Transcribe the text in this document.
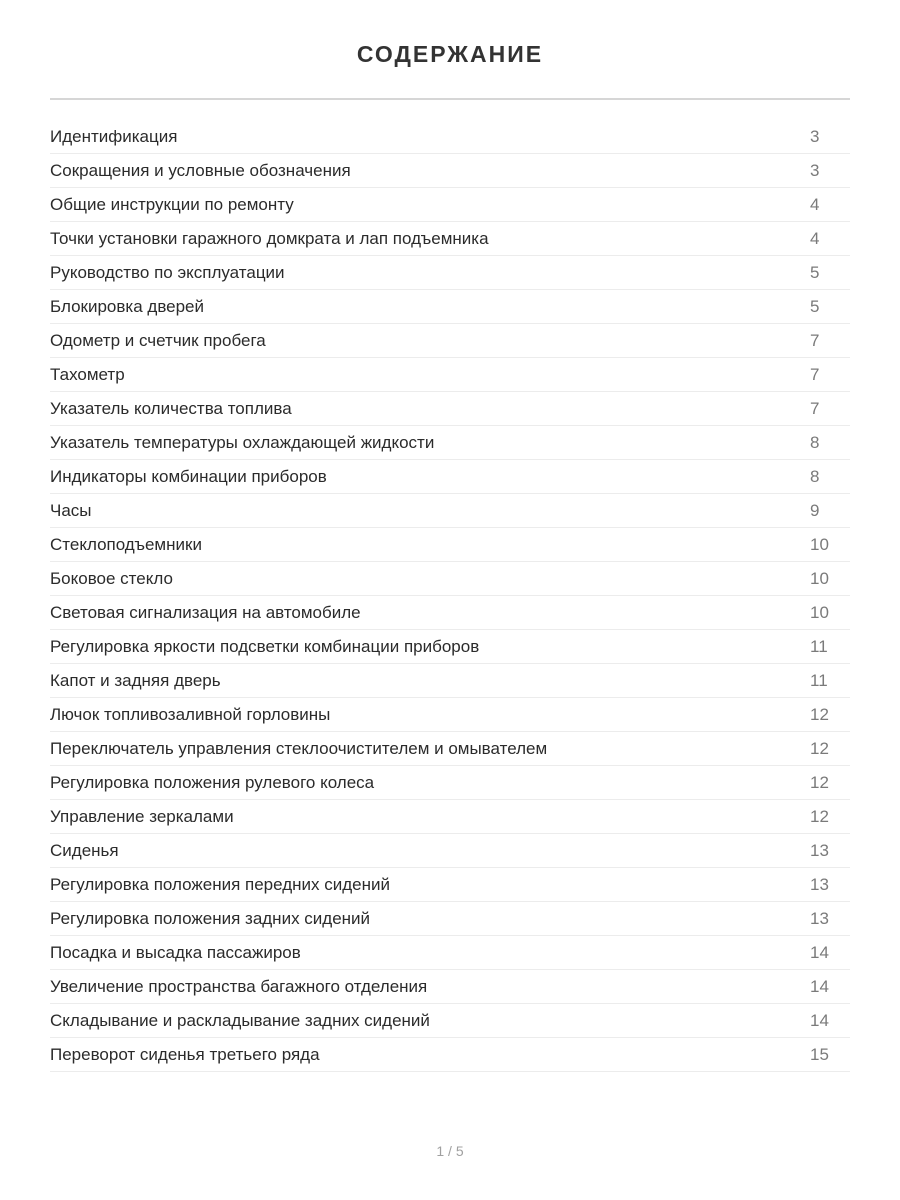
СОДЕРЖАНИЕ
Идентификация	3
Сокращения и условные обозначения	3
Общие инструкции по ремонту	4
Точки установки гаражного домкрата и лап подъемника	4
Руководство по эксплуатации	5
Блокировка дверей	5
Одометр и счетчик пробега	7
Тахометр	7
Указатель количества топлива	7
Указатель температуры охлаждающей жидкости	8
Индикаторы комбинации приборов	8
Часы	9
Стеклоподъемники	10
Боковое стекло	10
Световая сигнализация на автомобиле	10
Регулировка яркости подсветки комбинации приборов	11
Капот и задняя дверь	11
Лючок топливозаливной горловины	12
Переключатель управления стеклоочистителем и омывателем	12
Регулировка положения рулевого колеса	12
Управление зеркалами	12
Сиденья	13
Регулировка положения передних сидений	13
Регулировка положения задних сидений	13
Посадка и высадка пассажиров	14
Увеличение пространства багажного отделения	14
Складывание и раскладывание задних сидений	14
Переворот сиденья третьего ряда	15
1 / 5
